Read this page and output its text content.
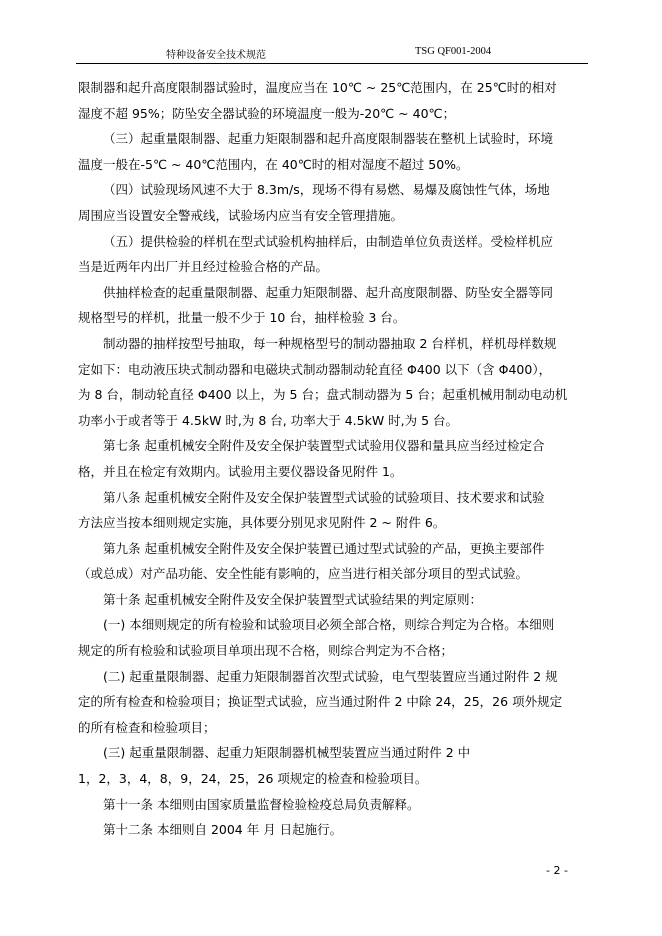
特种设备安全技术规范	TSG QF001-2004
限制器和起升高度限制器试验时，温度应当在 10℃ ~ 25℃范围内，在 25℃时的相对
湿度不超 95%；防坠安全器试验的环境温度一般为-20℃ ~ 40℃；
（三）起重量限制器、起重力矩限制器和起升高度限制器装在整机上试验时，环境
温度一般在-5℃ ~ 40℃范围内，在 40℃时的相对湿度不超过 50%。
（四）试验现场风速不大于 8.3m/s，现场不得有易燃、易爆及腐蚀性气体，场地
周围应当设置安全警戒线，试验场内应当有安全管理措施。
（五）提供检验的样机在型式试验机构抽样后，由制造单位负责送样。受检样机应
当是近两年内出厂并且经过检验合格的产品。
供抽样检查的起重量限制器、起重力矩限制器、起升高度限制器、防坠安全器等同
规格型号的样机，批量一般不少于 10 台，抽样检验 3 台。
制动器的抽样按型号抽取，每一种规格型号的制动器抽取 2 台样机，样机母样数规
定如下：电动液压块式制动器和电磁块式制动器制动轮直径 Φ400 以下（含 Φ400），
为 8 台，制动轮直径 Φ400 以上，为 5 台；盘式制动器为 5 台；起重机械用制动电动机
功率小于或者等于 4.5kW 时,为 8 台, 功率大于 4.5kW 时,为 5 台。
第七条 起重机械安全附件及安全保护装置型式试验用仪器和量具应当经过检定合
格，并且在检定有效期内。试验用主要仪器设备见附件 1。
第八条 起重机械安全附件及安全保护装置型式试验的试验项目、技术要求和试验
方法应当按本细则规定实施，具体要分别见求见附件 2 ~ 附件 6。
第九条 起重机械安全附件及安全保护装置已通过型式试验的产品，更换主要部件
（或总成）对产品功能、安全性能有影响的，应当进行相关部分项目的型式试验。
第十条 起重机械安全附件及安全保护装置型式试验结果的判定原则：
(一) 本细则规定的所有检验和试验项目必须全部合格，则综合判定为合格。本细则
规定的所有检验和试验项目单项出现不合格，则综合判定为不合格；
(二) 起重量限制器、起重力矩限制器首次型式试验，电气型装置应当通过附件 2 规
定的所有检查和检验项目；换证型式试验，应当通过附件 2 中除 24，25，26 项外规定
的所有检查和检验项目；
(三) 起重量限制器、起重力矩限制器机械型装置应当通过附件 2 中
1，2，3，4，8，9，24，25，26 项规定的检查和检验项目。
第十一条 本细则由国家质量监督检验检疫总局负责解释。
第十二条 本细则自 2004 年 月 日起施行。
- 2 -
